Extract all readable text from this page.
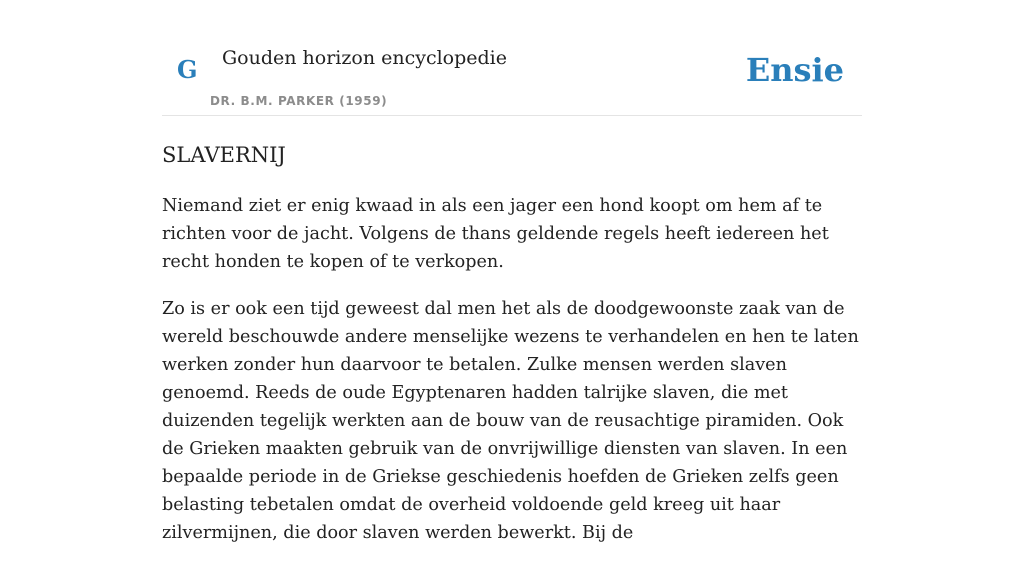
G Gouden horizon encyclopedie
DR. B.M. PARKER (1959)
Ensie
SLAVERNIJ

Niemand ziet er enig kwaad in als een jager een hond koopt om hem af te richten voor de jacht. Volgens de thans geldende regels heeft iedereen het recht honden te kopen of te verkopen.

Zo is er ook een tijd geweest dal men het als de doodgewoonste zaak van de wereld beschouwde andere menselijke wezens te verhandelen en hen te laten werken zonder hun daarvoor te betalen. Zulke mensen werden slaven genoemd. Reeds de oude Egyptenaren hadden talrijke slaven, die met duizenden tegelijk werkten aan de bouw van de reusachtige piramiden. Ook de Grieken maakten gebruik van de onvrijwillige diensten van slaven. In een bepaalde periode in de Griekse geschiedenis hoefden de Grieken zelfs geen belasting tebetalen omdat de overheid voldoende geld kreeg uit haar zilvermijnen, die door slaven werden bewerkt. Bij de
